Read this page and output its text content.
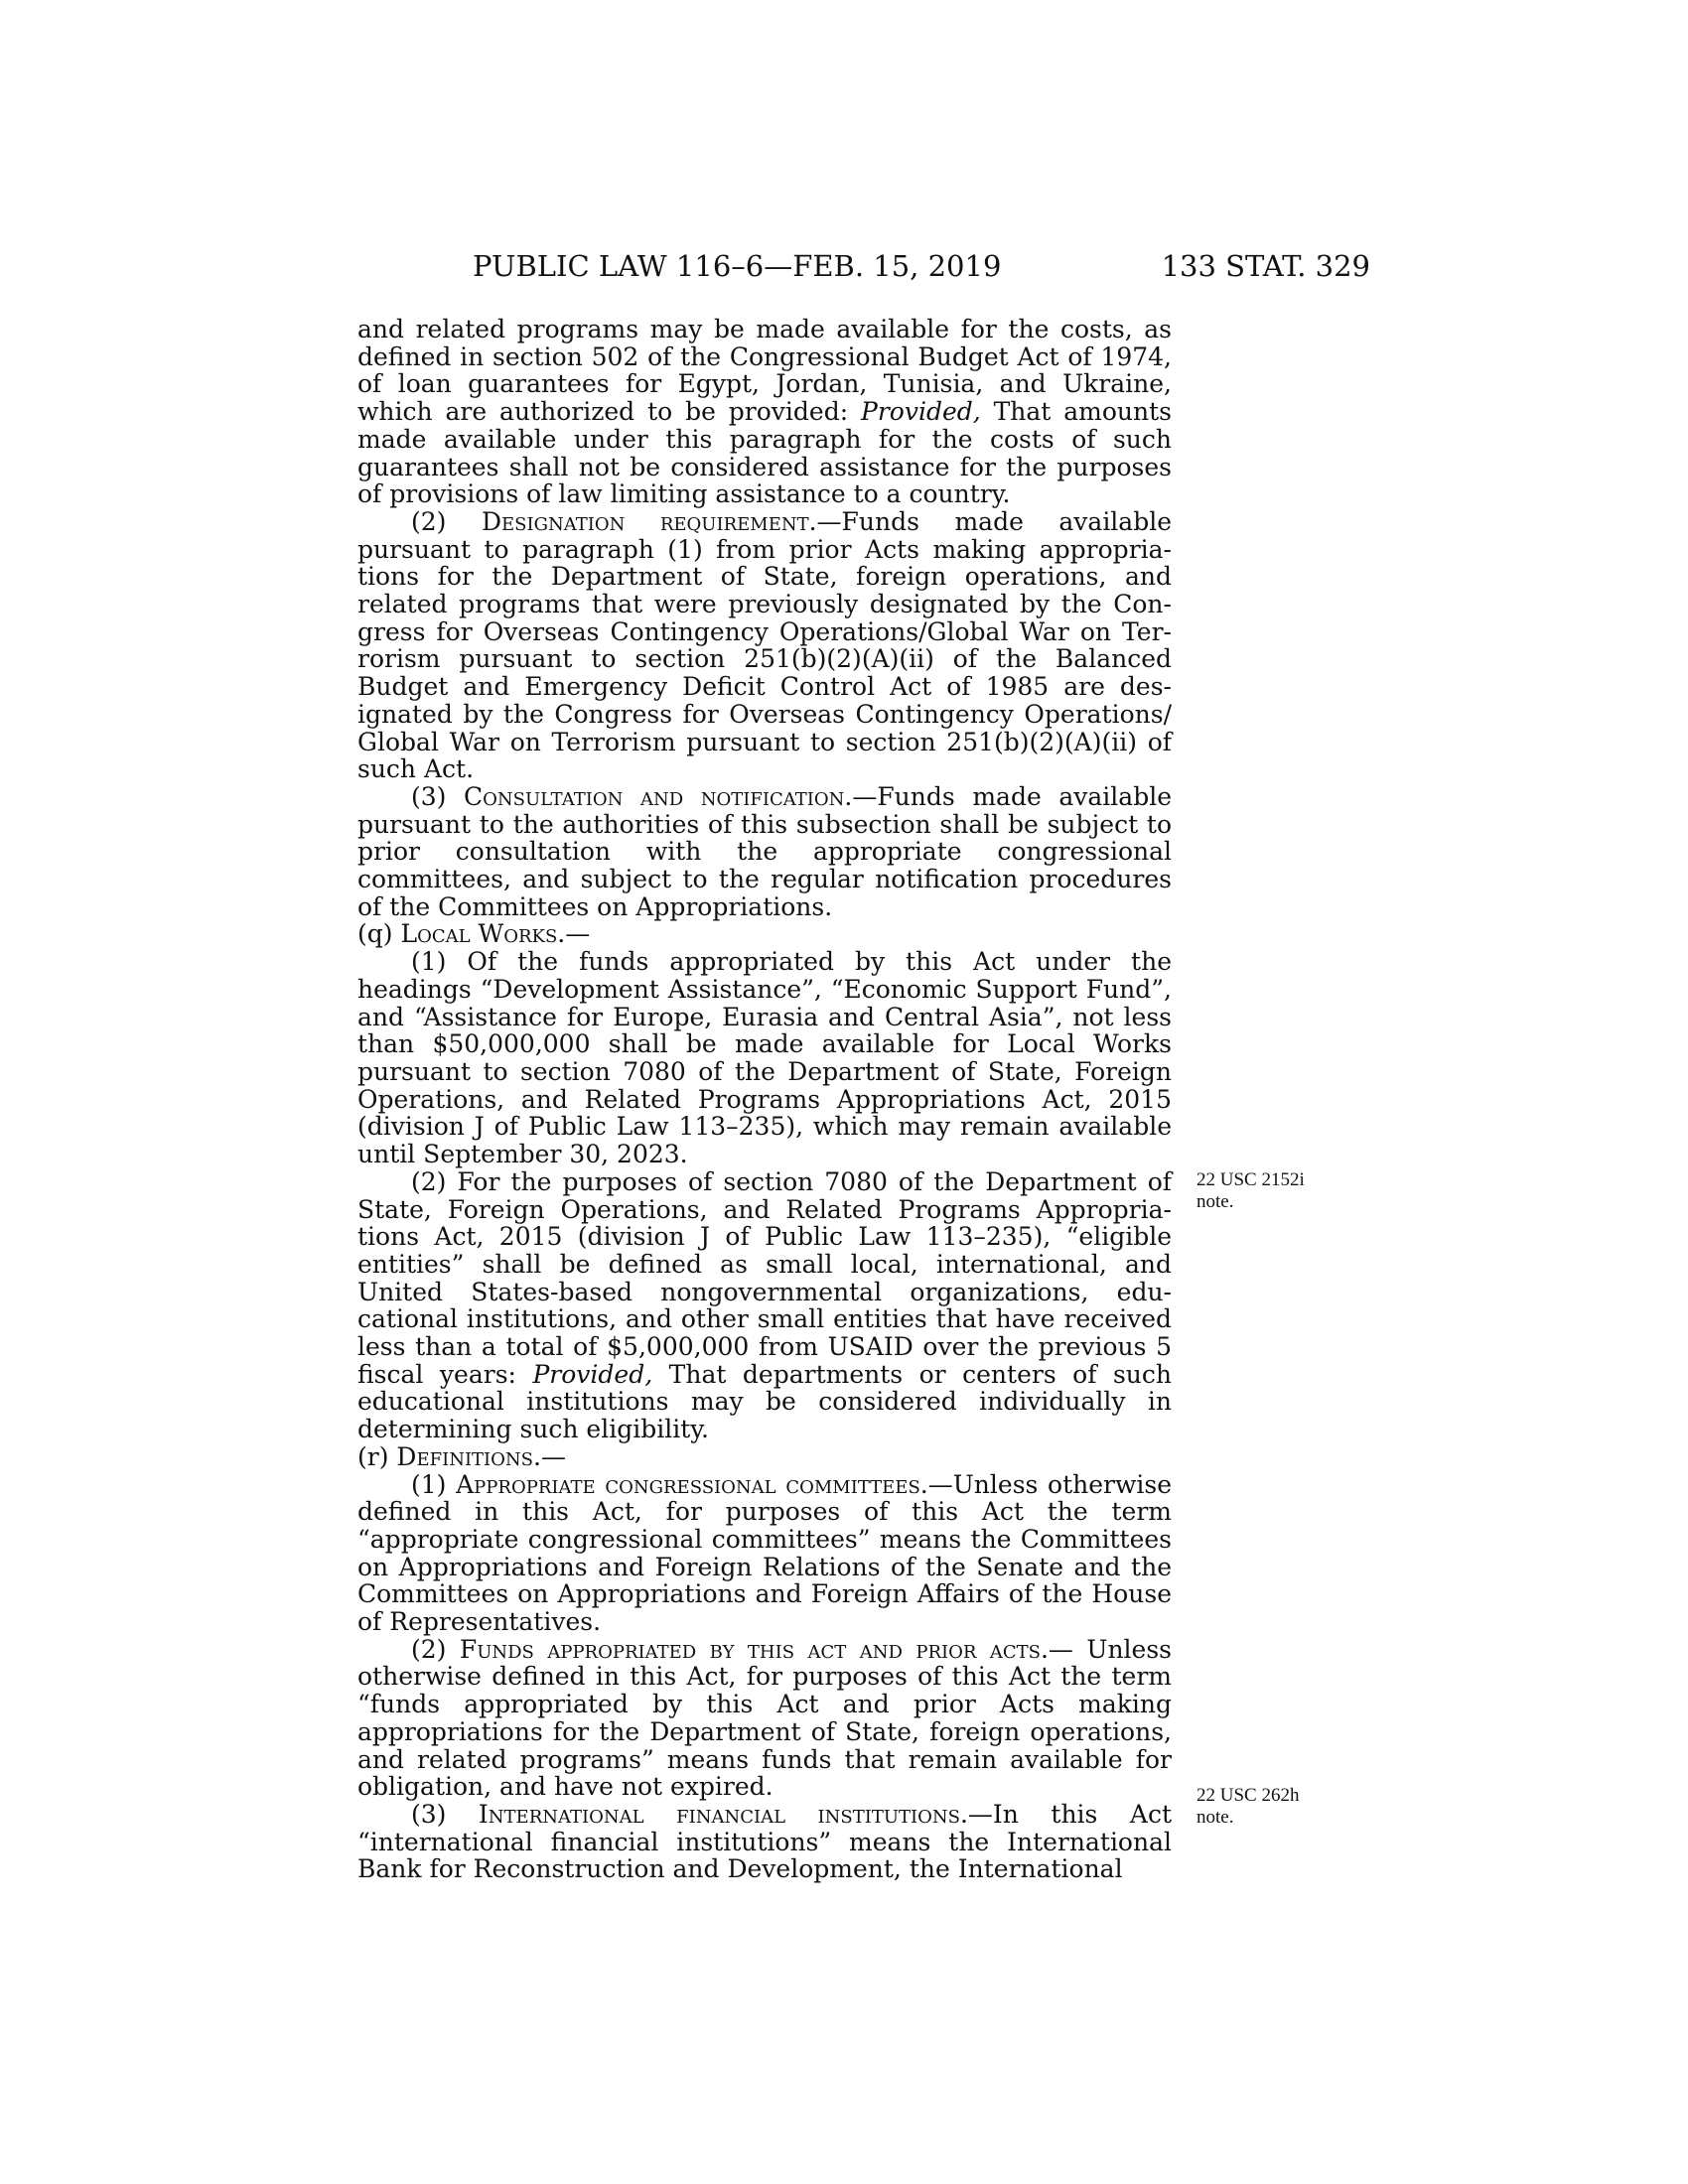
PUBLIC LAW 116–6—FEB. 15, 2019	133 STAT. 329

and related programs may be made available for the costs, as defined in section 502 of the Congressional Budget Act of 1974, of loan guarantees for Egypt, Jordan, Tunisia, and Ukraine, which are authorized to be provided: Provided, That amounts made available under this paragraph for the costs of such guarantees shall not be considered assistance for the purposes of provisions of law limiting assistance to a country.

(2) Designation requirement.—Funds made available pursuant to paragraph (1) from prior Acts making appropriations for the Department of State, foreign operations, and related programs that were previously designated by the Congress for Overseas Contingency Operations/Global War on Terrorism pursuant to section 251(b)(2)(A)(ii) of the Balanced Budget and Emergency Deficit Control Act of 1985 are designated by the Congress for Overseas Contingency Operations/ Global War on Terrorism pursuant to section 251(b)(2)(A)(ii) of such Act.

(3) Consultation and notification.—Funds made available pursuant to the authorities of this subsection shall be subject to prior consultation with the appropriate congressional committees, and subject to the regular notification procedures of the Committees on Appropriations.

(q) Local Works.—

(1) Of the funds appropriated by this Act under the headings “Development Assistance”, “Economic Support Fund”, and “Assistance for Europe, Eurasia and Central Asia”, not less than $50,000,000 shall be made available for Local Works pursuant to section 7080 of the Department of State, Foreign Operations, and Related Programs Appropriations Act, 2015 (division J of Public Law 113–235), which may remain available until September 30, 2023.

(2) For the purposes of section 7080 of the Department of State, Foreign Operations, and Related Programs Appropriations Act, 2015 (division J of Public Law 113–235), “eligible entities” shall be defined as small local, international, and United States-based nongovernmental organizations, educational institutions, and other small entities that have received less than a total of $5,000,000 from USAID over the previous 5 fiscal years: Provided, That departments or centers of such educational institutions may be considered individually in determining such eligibility.

(r) Definitions.—

(1) Appropriate congressional committees.—Unless otherwise defined in this Act, for purposes of this Act the term “appropriate congressional committees” means the Committees on Appropriations and Foreign Relations of the Senate and the Committees on Appropriations and Foreign Affairs of the House of Representatives.

(2) Funds appropriated by this act and prior acts.— Unless otherwise defined in this Act, for purposes of this Act the term “funds appropriated by this Act and prior Acts making appropriations for the Department of State, foreign operations, and related programs” means funds that remain available for obligation, and have not expired.

(3) International financial institutions.—In this Act “international financial institutions” means the International Bank for Reconstruction and Development, the International

22 USC 2152i
note.
22 USC 262h
note.
